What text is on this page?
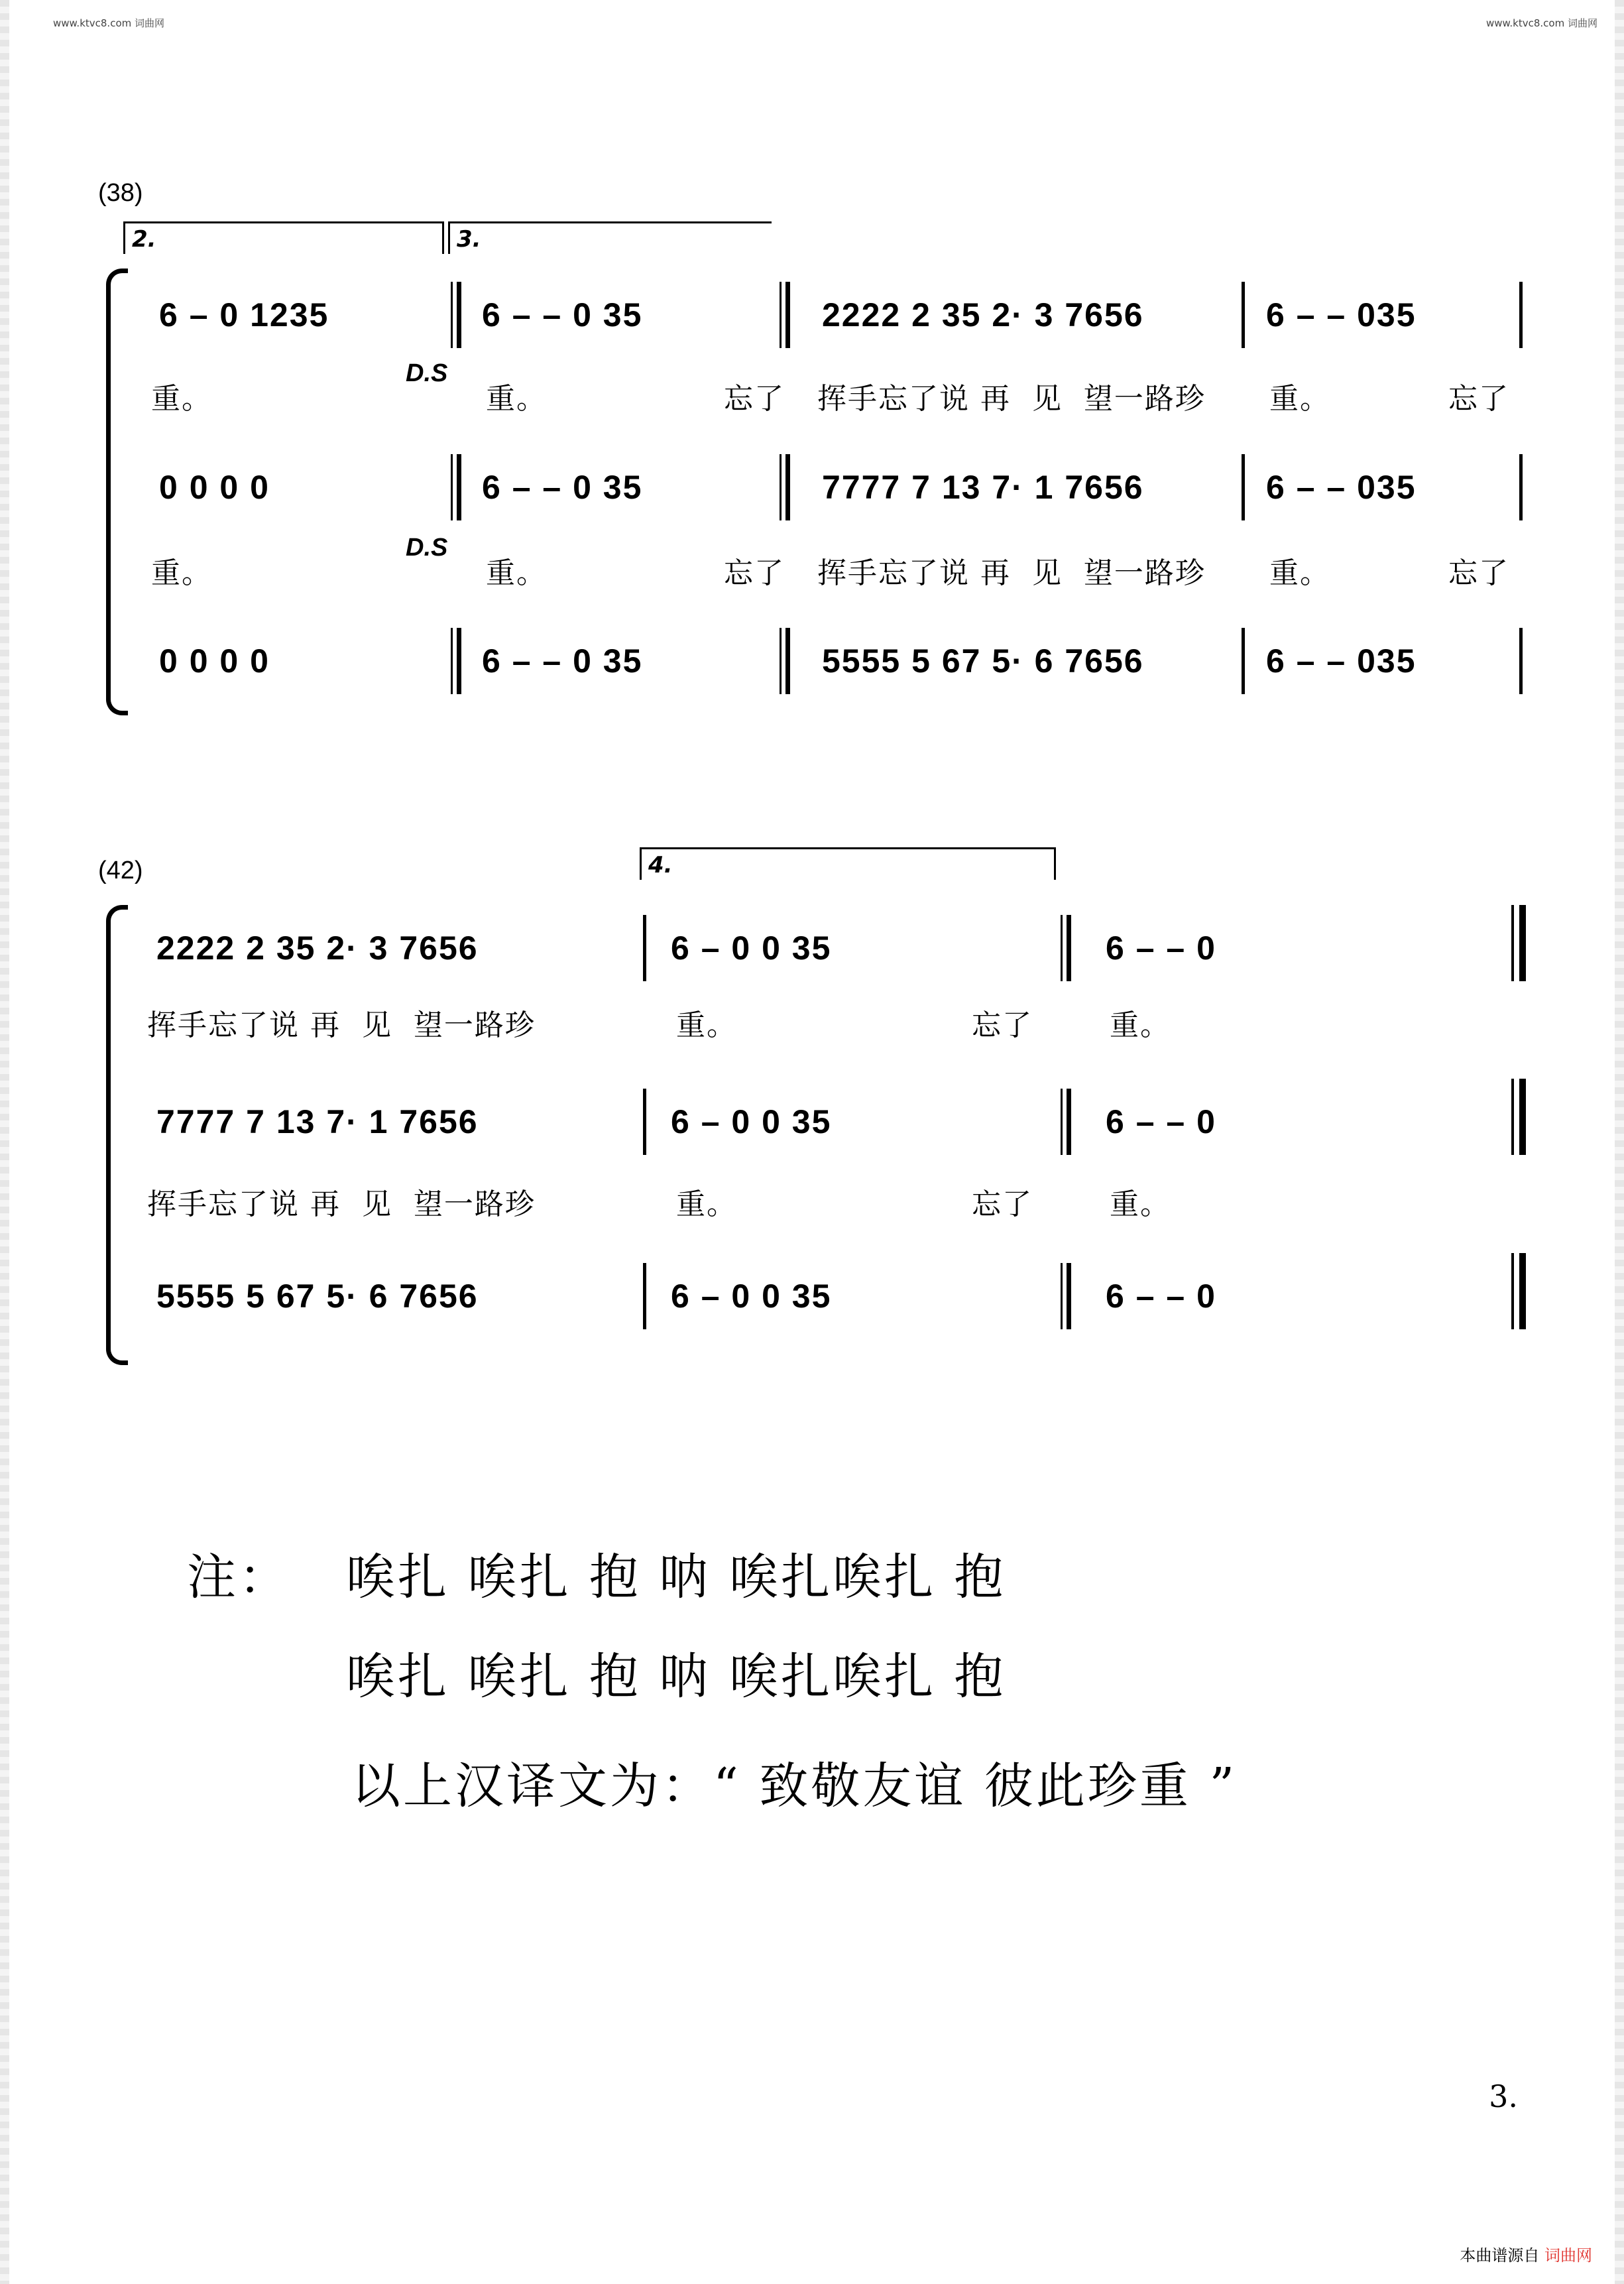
www.ktvc8.com 词曲网	www.ktvc8.com 词曲网
(38)
2.	3.
6 – 0 1235	6 – – 0 35	2222 2 35 2· 3 7656	6 – – 035
D.S
重。	重。	忘了 挥手忘了说 再  见  望一路珍 重。	忘了
0 0 0 0	6 – – 0 35	7777 7 13 7· 1 7656	6 – – 035
D.S
重。	重。	忘了 挥手忘了说 再  见  望一路珍 重。	忘了
0 0 0 0	6 – – 0 35	5555 5 67 5· 6 7656	6 – – 035
(42)	4.
2222 2 35 2· 3 7656	6 – 0 0 35	6 – – 0
挥手忘了说 再  见  望一路珍	重。	忘了	重。
7777 7 13 7· 1 7656	6 – 0 0 35	6 – – 0
挥手忘了说 再  见  望一路珍	重。	忘了	重。
5555 5 67 5· 6 7656	6 – 0 0 35	6 – – 0
注： 唉扎 唉扎 抱 呐 唉扎唉扎 抱
唉扎 唉扎 抱 呐 唉扎唉扎 抱
以上汉译文为：“ 致敬友谊 彼此珍重 ”
3.
本曲谱源自 词曲网
